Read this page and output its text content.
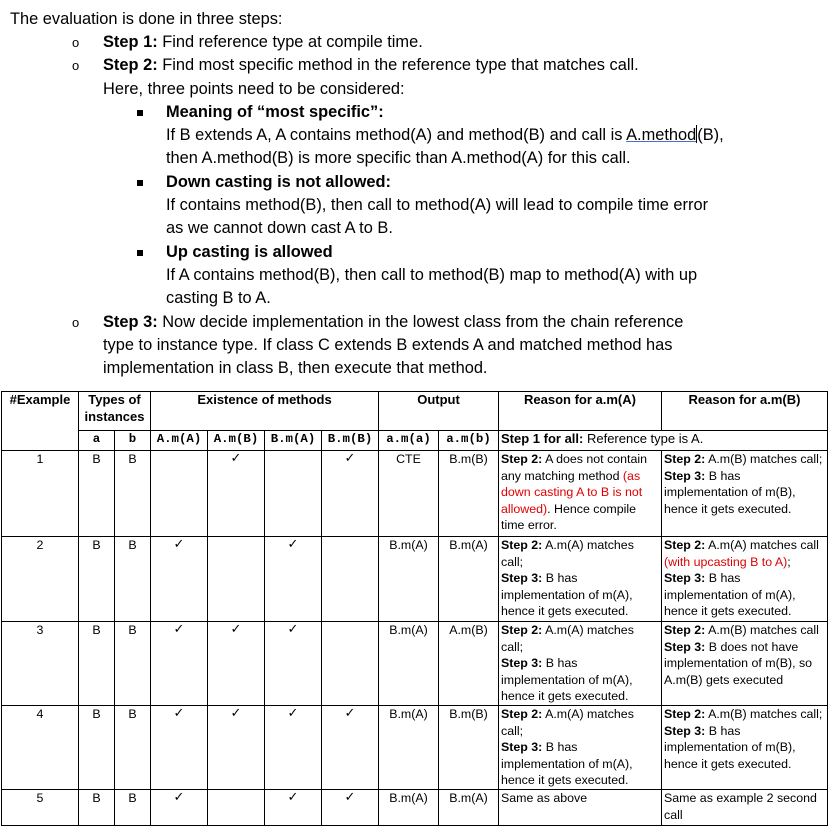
The evaluation is done in three steps:
o Step 1: Find reference type at compile time.
o Step 2: Find most specific method in the reference type that matches call.
Here, three points need to be considered:
Meaning of “most specific”:
If B extends A, A contains method(A) and method(B) and call is A.method(B),
then A.method(B) is more specific than A.method(A) for this call.
Down casting is not allowed:
If contains method(B), then call to method(A) will lead to compile time error
as we cannot down cast A to B.
Up casting is allowed
If A contains method(B), then call to method(B) map to method(A) with up
casting B to A.
o Step 3: Now decide implementation in the lowest class from the chain reference
type to instance type. If class C extends B extends A and matched method has
implementation in class B, then execute that method.
#Example	Types of instances		Existence of methods				Output		Reason for a.m(A)	Reason for a.m(B)
	a	b	A.m(A)	A.m(B)	B.m(A)	B.m(B)	a.m(a)	a.m(b)	Step 1 for all: Reference type is A.	
1	B	B		✓		✓	CTE	B.m(B)	Step 2: A does not contain any matching method (as down casting A to B is not allowed). Hence compile time error.	Step 2: A.m(B) matches call;
Step 3: B has implementation of m(B), hence it gets executed.
2	B	B	✓		✓		B.m(A)	B.m(A)	Step 2: A.m(A) matches call;
Step 3: B has implementation of m(A), hence it gets executed.	Step 2: A.m(A) matches call (with upcasting B to A);
Step 3: B has implementation of m(A), hence it gets executed.
3	B	B	✓	✓	✓		B.m(A)	A.m(B)	Step 2: A.m(A) matches call;
Step 3: B has implementation of m(A), hence it gets executed.	Step 2: A.m(B) matches call
Step 3: B does not have implementation of m(B), so A.m(B) gets executed
4	B	B	✓	✓	✓	✓	B.m(A)	B.m(B)	Step 2: A.m(A) matches call;
Step 3: B has implementation of m(A), hence it gets executed.	Step 2: A.m(B) matches call;
Step 3: B has implementation of m(B), hence it gets executed.
5	B	B	✓		✓	✓	B.m(A)	B.m(A)	Same as above	Same as example 2 second call
